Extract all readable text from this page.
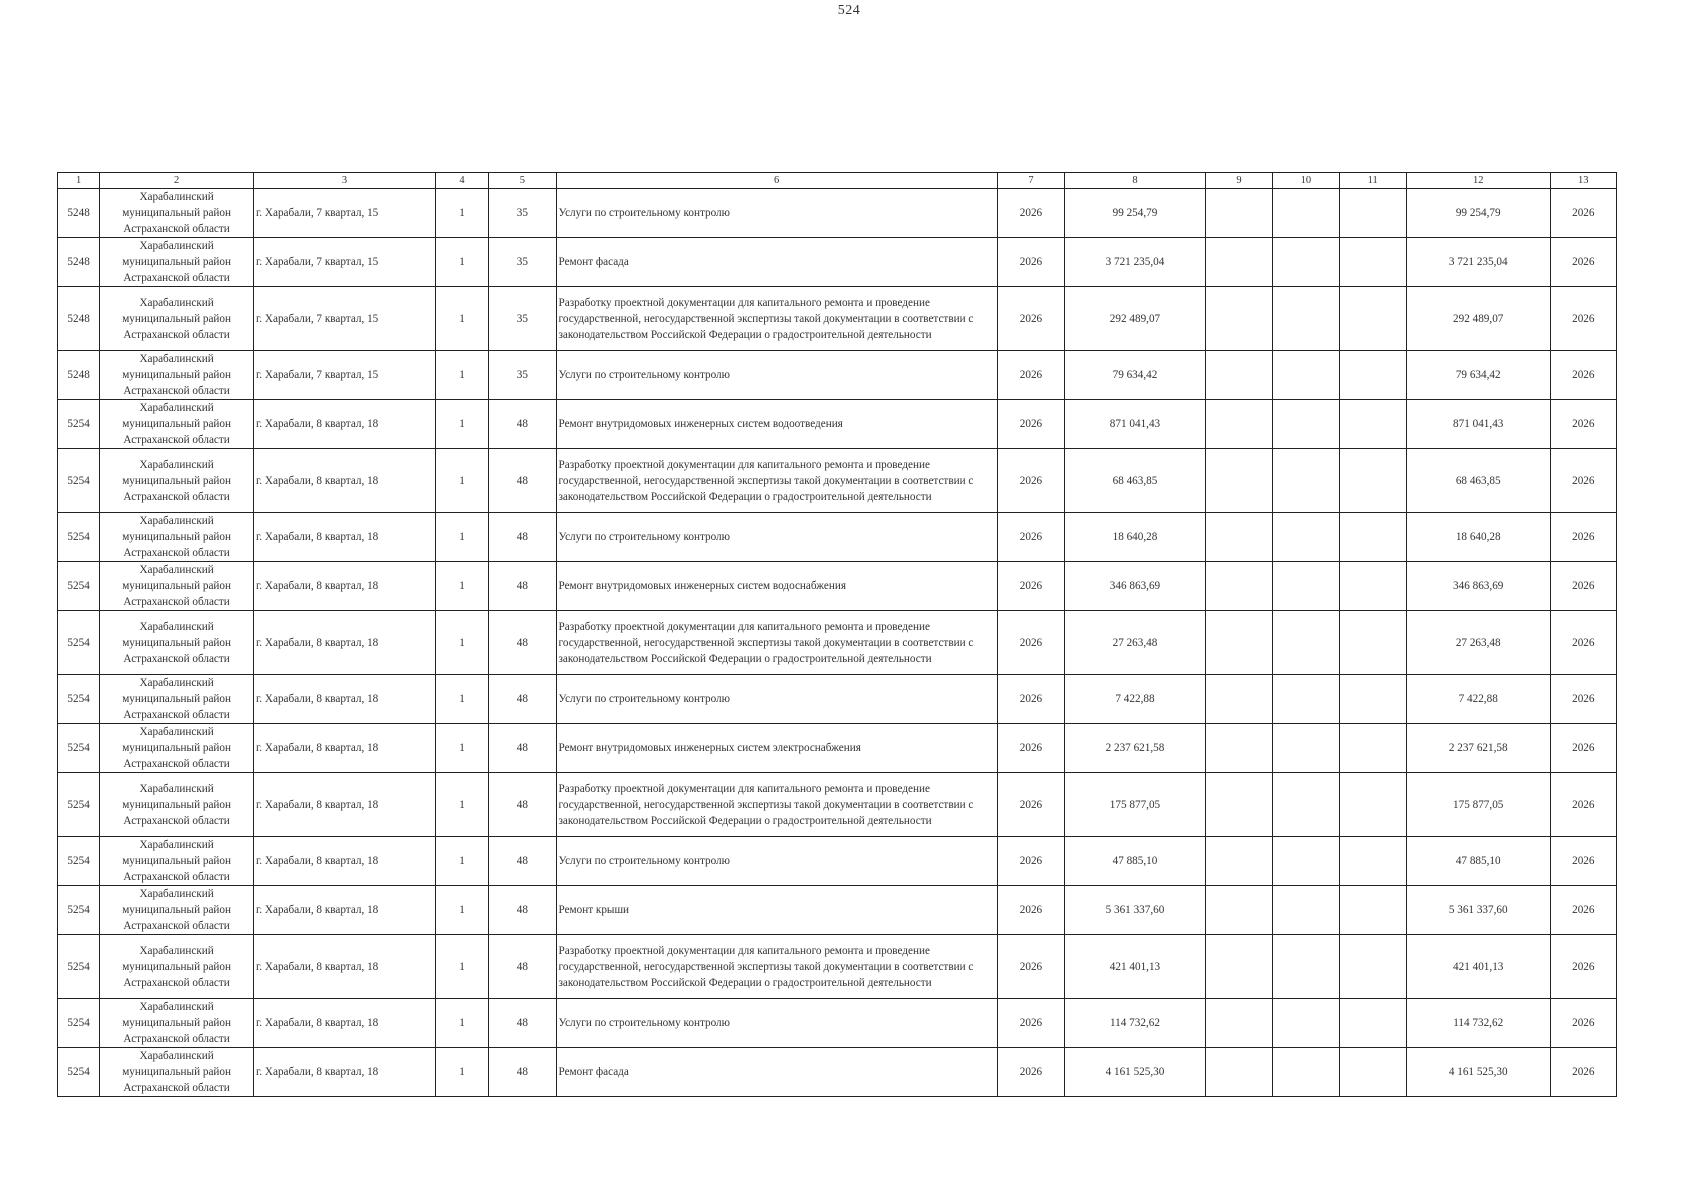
524
1	2	3	4	5	6	7	8	9	10	11	12	13
5248	Харабалинский муниципальный район Астраханской области	г. Харабали, 7 квартал, 15	1	35	Услуги по строительному контролю	2026	99 254,79				99 254,79	2026
5248	Харабалинский муниципальный район Астраханской области	г. Харабали, 7 квартал, 15	1	35	Ремонт фасада	2026	3 721 235,04				3 721 235,04	2026
5248	Харабалинский муниципальный район Астраханской области	г. Харабали, 7 квартал, 15	1	35	Разработку проектной документации для капитального ремонта и проведение государственной, негосударственной экспертизы такой документации в соответствии с законодательством Российской Федерации о градостроительной деятельности	2026	292 489,07				292 489,07	2026
5248	Харабалинский муниципальный район Астраханской области	г. Харабали, 7 квартал, 15	1	35	Услуги по строительному контролю	2026	79 634,42				79 634,42	2026
5254	Харабалинский муниципальный район Астраханской области	г. Харабали, 8 квартал, 18	1	48	Ремонт внутридомовых инженерных систем водоотведения	2026	871 041,43				871 041,43	2026
5254	Харабалинский муниципальный район Астраханской области	г. Харабали, 8 квартал, 18	1	48	Разработку проектной документации для капитального ремонта и проведение государственной, негосударственной экспертизы такой документации в соответствии с законодательством Российской Федерации о градостроительной деятельности	2026	68 463,85				68 463,85	2026
5254	Харабалинский муниципальный район Астраханской области	г. Харабали, 8 квартал, 18	1	48	Услуги по строительному контролю	2026	18 640,28				18 640,28	2026
5254	Харабалинский муниципальный район Астраханской области	г. Харабали, 8 квартал, 18	1	48	Ремонт внутридомовых инженерных систем водоснабжения	2026	346 863,69				346 863,69	2026
5254	Харабалинский муниципальный район Астраханской области	г. Харабали, 8 квартал, 18	1	48	Разработку проектной документации для капитального ремонта и проведение государственной, негосударственной экспертизы такой документации в соответствии с законодательством Российской Федерации о градостроительной деятельности	2026	27 263,48				27 263,48	2026
5254	Харабалинский муниципальный район Астраханской области	г. Харабали, 8 квартал, 18	1	48	Услуги по строительному контролю	2026	7 422,88				7 422,88	2026
5254	Харабалинский муниципальный район Астраханской области	г. Харабали, 8 квартал, 18	1	48	Ремонт внутридомовых инженерных систем электроснабжения	2026	2 237 621,58				2 237 621,58	2026
5254	Харабалинский муниципальный район Астраханской области	г. Харабали, 8 квартал, 18	1	48	Разработку проектной документации для капитального ремонта и проведение государственной, негосударственной экспертизы такой документации в соответствии с законодательством Российской Федерации о градостроительной деятельности	2026	175 877,05				175 877,05	2026
5254	Харабалинский муниципальный район Астраханской области	г. Харабали, 8 квартал, 18	1	48	Услуги по строительному контролю	2026	47 885,10				47 885,10	2026
5254	Харабалинский муниципальный район Астраханской области	г. Харабали, 8 квартал, 18	1	48	Ремонт крыши	2026	5 361 337,60				5 361 337,60	2026
5254	Харабалинский муниципальный район Астраханской области	г. Харабали, 8 квартал, 18	1	48	Разработку проектной документации для капитального ремонта и проведение государственной, негосударственной экспертизы такой документации в соответствии с законодательством Российской Федерации о градостроительной деятельности	2026	421 401,13				421 401,13	2026
5254	Харабалинский муниципальный район Астраханской области	г. Харабали, 8 квартал, 18	1	48	Услуги по строительному контролю	2026	114 732,62				114 732,62	2026
5254	Харабалинский муниципальный район Астраханской области	г. Харабали, 8 квартал, 18	1	48	Ремонт фасада	2026	4 161 525,30				4 161 525,30	2026
